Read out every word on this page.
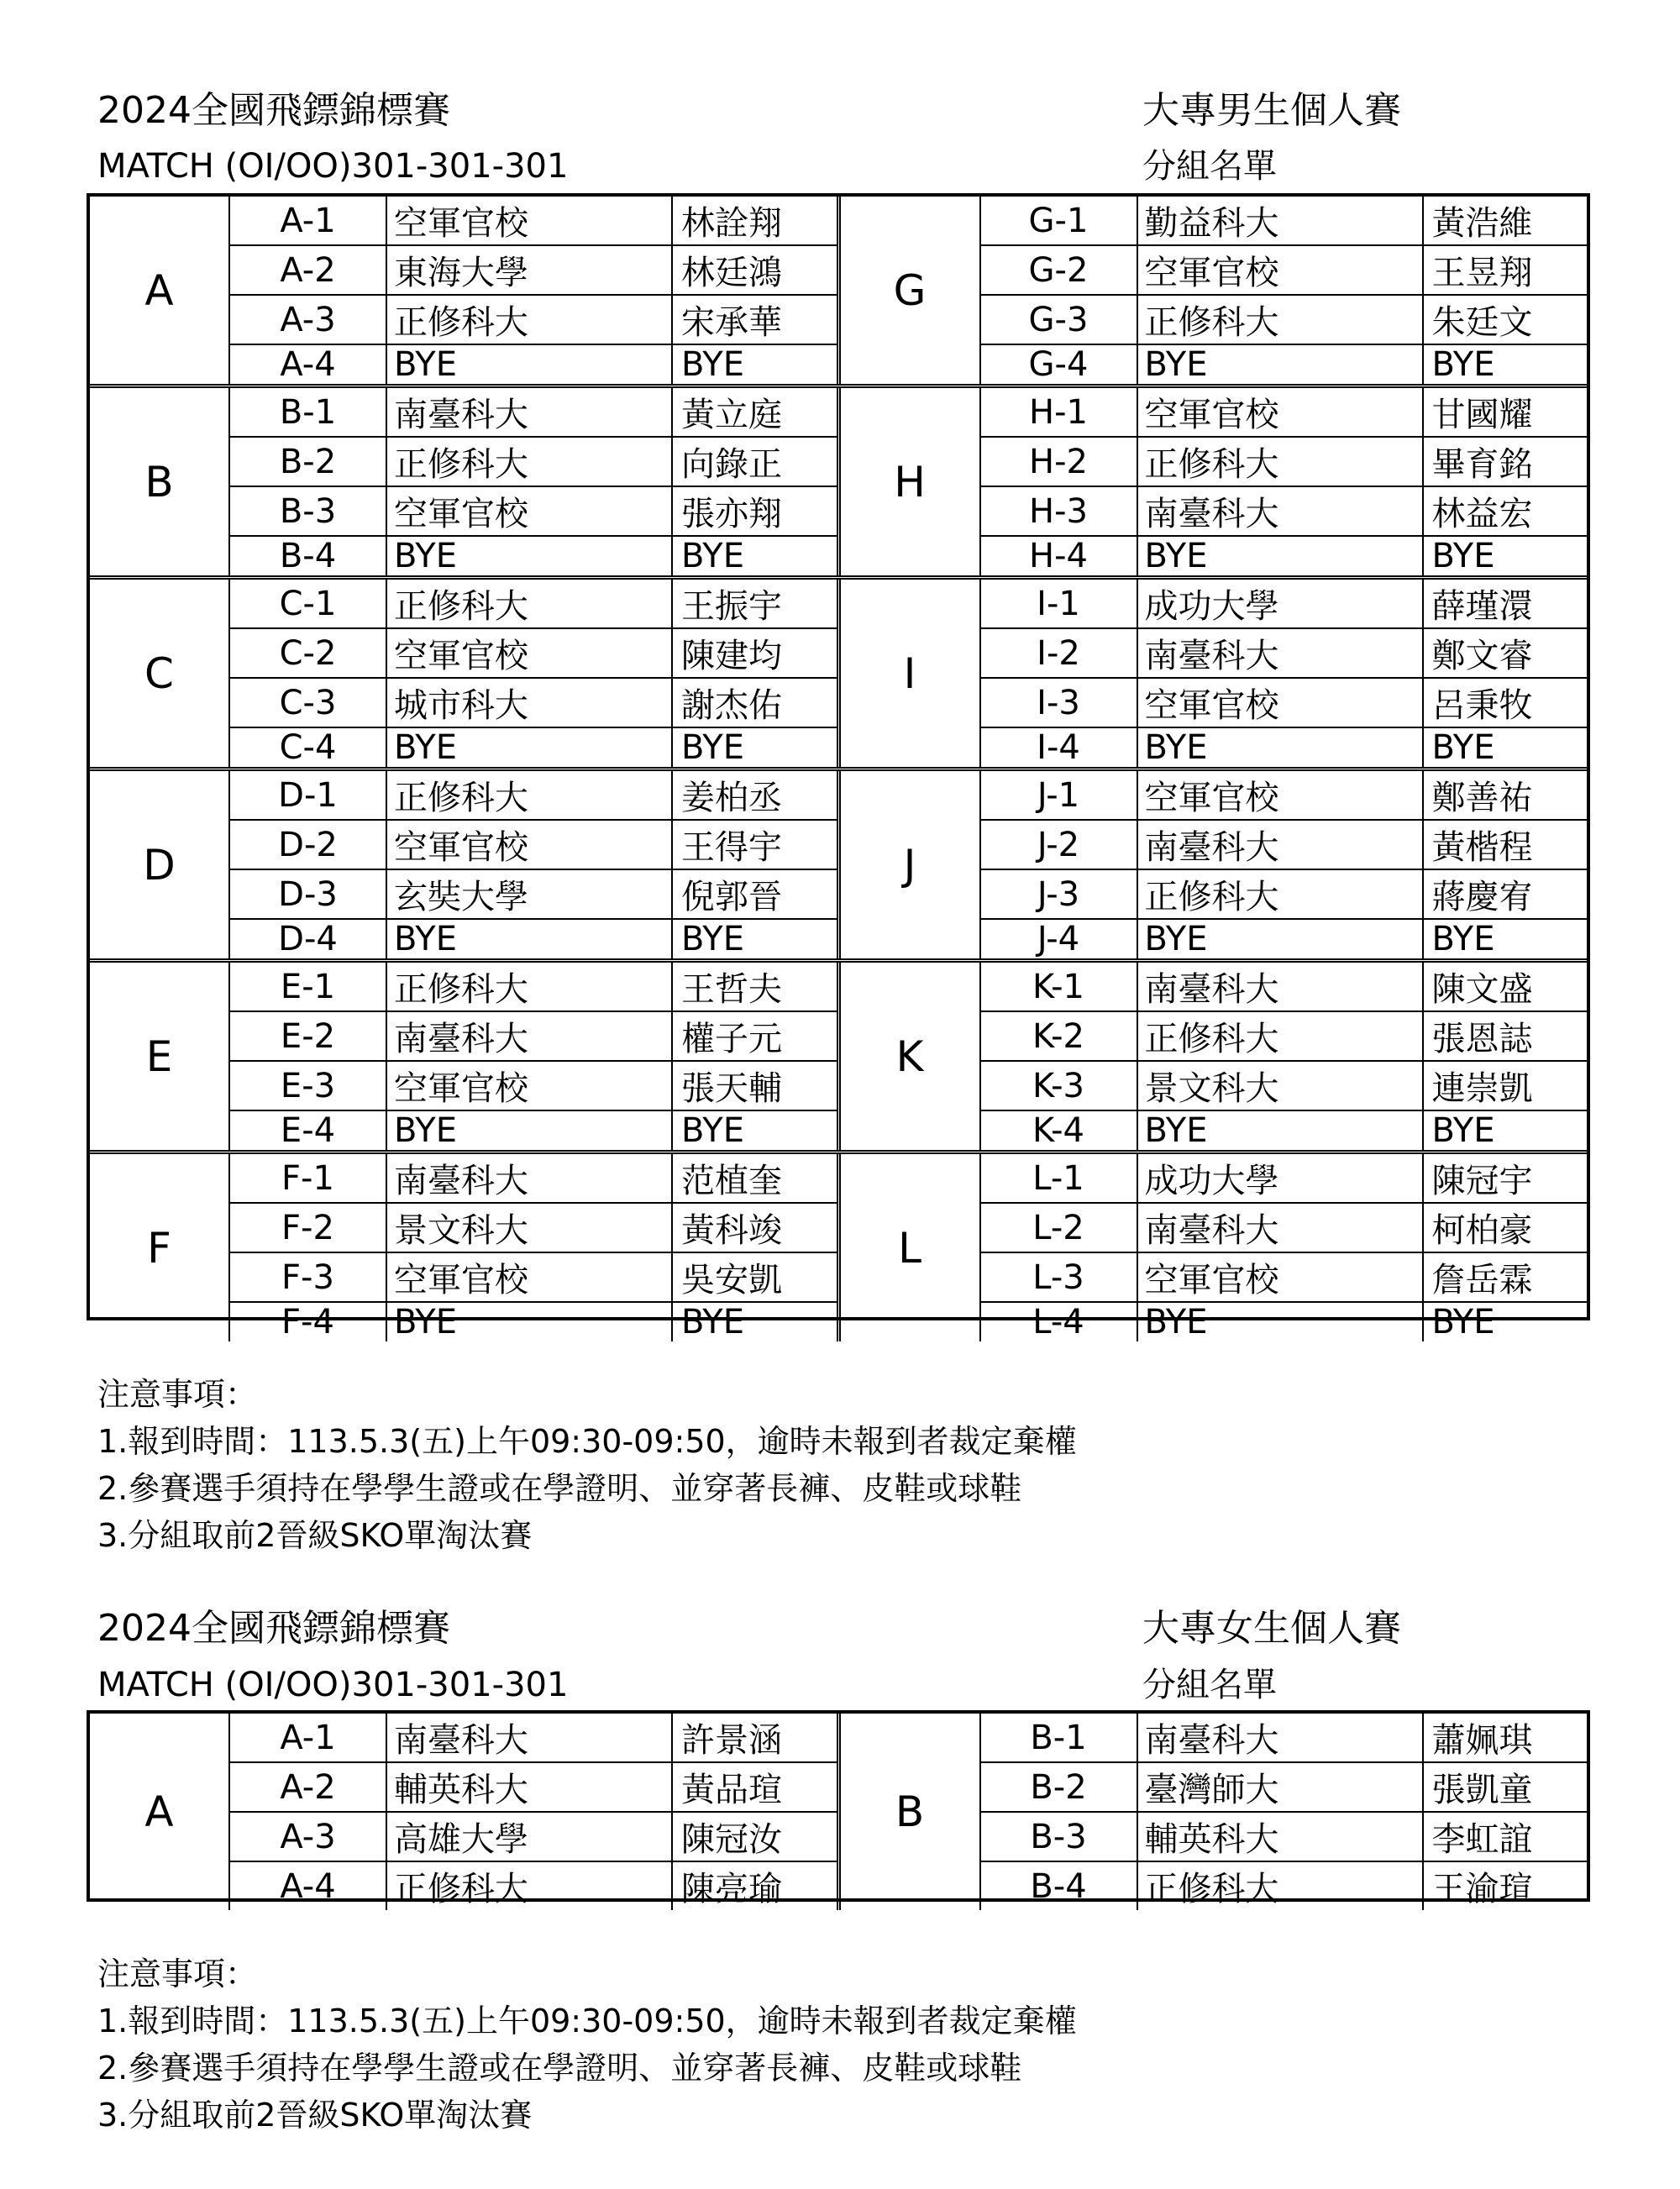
2024全國飛鏢錦標賽
MATCH (OI/OO)301-301-301
大專男生個人賽
分組名單
A
A-1	空軍官校	林詮翔
A-2	東海大學	林廷鴻
A-3	正修科大	宋承華
A-4	BYE	BYE
G
G-1	勤益科大	黃浩維
G-2	空軍官校	王昱翔
G-3	正修科大	朱廷文
G-4	BYE	BYE
B
B-1	南臺科大	黃立庭
B-2	正修科大	向錄正
B-3	空軍官校	張亦翔
B-4	BYE	BYE
H
H-1	空軍官校	甘國耀
H-2	正修科大	畢育銘
H-3	南臺科大	林益宏
H-4	BYE	BYE
C
C-1	正修科大	王振宇
C-2	空軍官校	陳建均
C-3	城市科大	謝杰佑
C-4	BYE	BYE
I
I-1	成功大學	薛瑾澴
I-2	南臺科大	鄭文睿
I-3	空軍官校	呂秉牧
I-4	BYE	BYE
D
D-1	正修科大	姜柏丞
D-2	空軍官校	王得宇
D-3	玄奘大學	倪郭晉
D-4	BYE	BYE
J
J-1	空軍官校	鄭善祐
J-2	南臺科大	黃楷程
J-3	正修科大	蔣慶宥
J-4	BYE	BYE
E
E-1	正修科大	王哲夫
E-2	南臺科大	權子元
E-3	空軍官校	張天輔
E-4	BYE	BYE
K
K-1	南臺科大	陳文盛
K-2	正修科大	張恩誌
K-3	景文科大	連崇凱
K-4	BYE	BYE
F
F-1	南臺科大	范植奎
F-2	景文科大	黃科竣
F-3	空軍官校	吳安凱
F-4	BYE	BYE
L
L-1	成功大學	陳冠宇
L-2	南臺科大	柯柏豪
L-3	空軍官校	詹岳霖
L-4	BYE	BYE
注意事項：
1.報到時間：113.5.3(五)上午09:30-09:50，逾時未報到者裁定棄權
2.參賽選手須持在學學生證或在學證明、並穿著長褲、皮鞋或球鞋
3.分組取前2晉級SKO單淘汰賽
2024全國飛鏢錦標賽
MATCH (OI/OO)301-301-301
大專女生個人賽
分組名單
A
A-1	南臺科大	許景涵
A-2	輔英科大	黃品瑄
A-3	高雄大學	陳冠汝
A-4	正修科大	陳亮瑜
B
B-1	南臺科大	蕭姵琪
B-2	臺灣師大	張凱童
B-3	輔英科大	李虹誼
B-4	正修科大	王渝瑄
注意事項：
1.報到時間：113.5.3(五)上午09:30-09:50，逾時未報到者裁定棄權
2.參賽選手須持在學學生證或在學證明、並穿著長褲、皮鞋或球鞋
3.分組取前2晉級SKO單淘汰賽
